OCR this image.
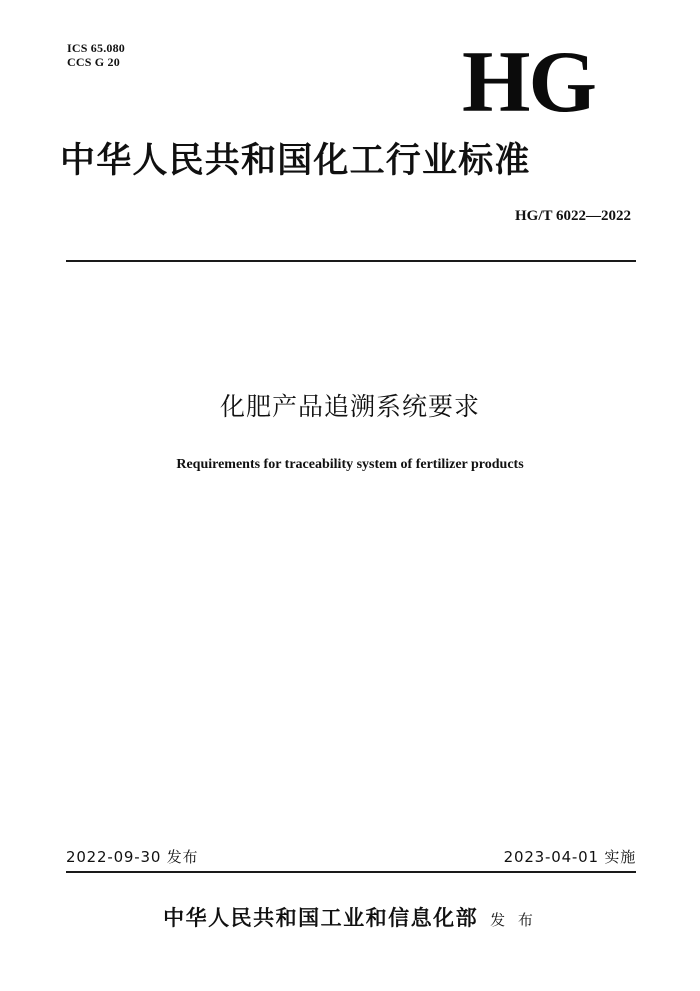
ICS 65.080
CCS G 20	HG
中华人民共和国化工行业标准
HG/T 6022—2022
化肥产品追溯系统要求
Requirements for traceability system of fertilizer products
2022-09-30 发布	2023-04-01 实施
中华人民共和国工业和信息化部 发 布
